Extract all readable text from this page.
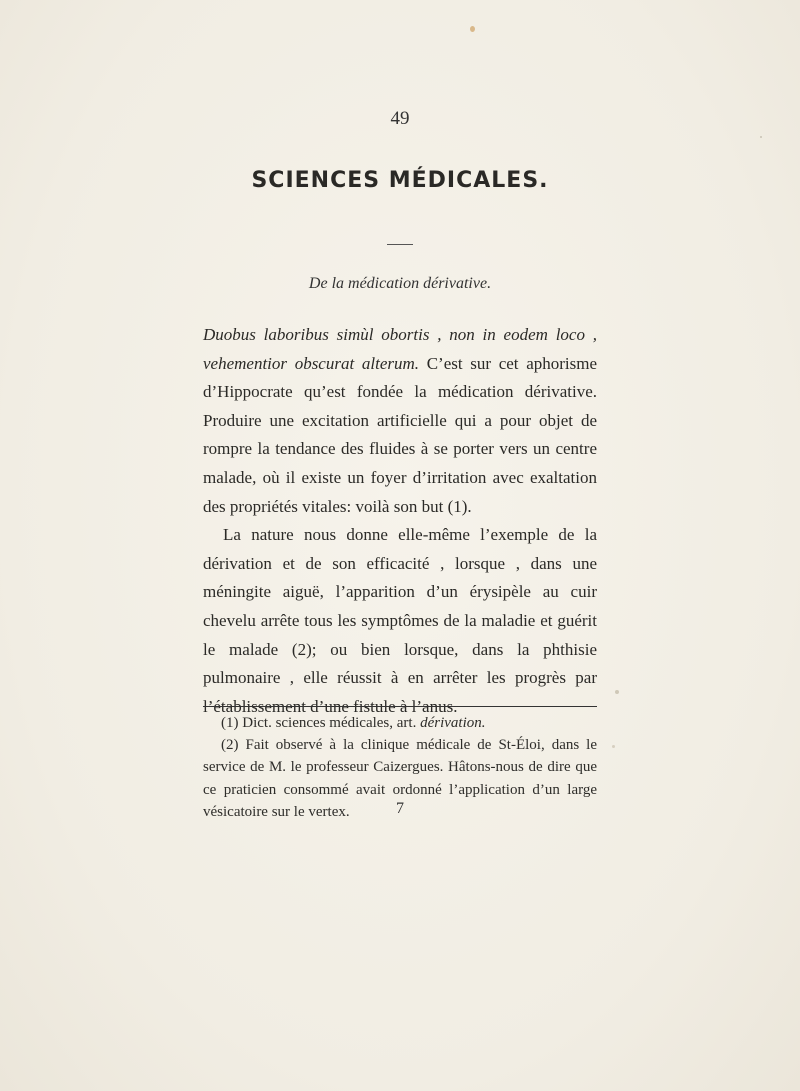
49
SCIENCES MÉDICALES.
De la médication dérivative.

Duobus laboribus simùl obortis , non in eodem loco , vehementior obscurat alterum. C’est sur cet aphorisme d’Hippocrate qu’est fondée la médication dérivative. Produire une excitation artificielle qui a pour objet de rompre la tendance des fluides à se porter vers un centre malade, où il existe un foyer d’irritation avec exaltation des propriétés vitales: voilà son but (1).

La nature nous donne elle-même l’exemple de la dérivation et de son efficacité , lorsque , dans une méningite aiguë, l’apparition d’un érysipèle au cuir chevelu arrête tous les symptômes de la maladie et guérit le malade (2); ou bien lorsque, dans la phthisie pulmonaire , elle réussit à en arrêter les progrès par l’établissement d’une fistule à l’anus.

(1) Dict. sciences médicales, art. dérivation.

(2) Fait observé à la clinique médicale de St-Éloi, dans le service de M. le professeur Caizergues. Hâtons-nous de dire que ce praticien consommé avait ordonné l’application d’un large vésicatoire sur le vertex.	7
